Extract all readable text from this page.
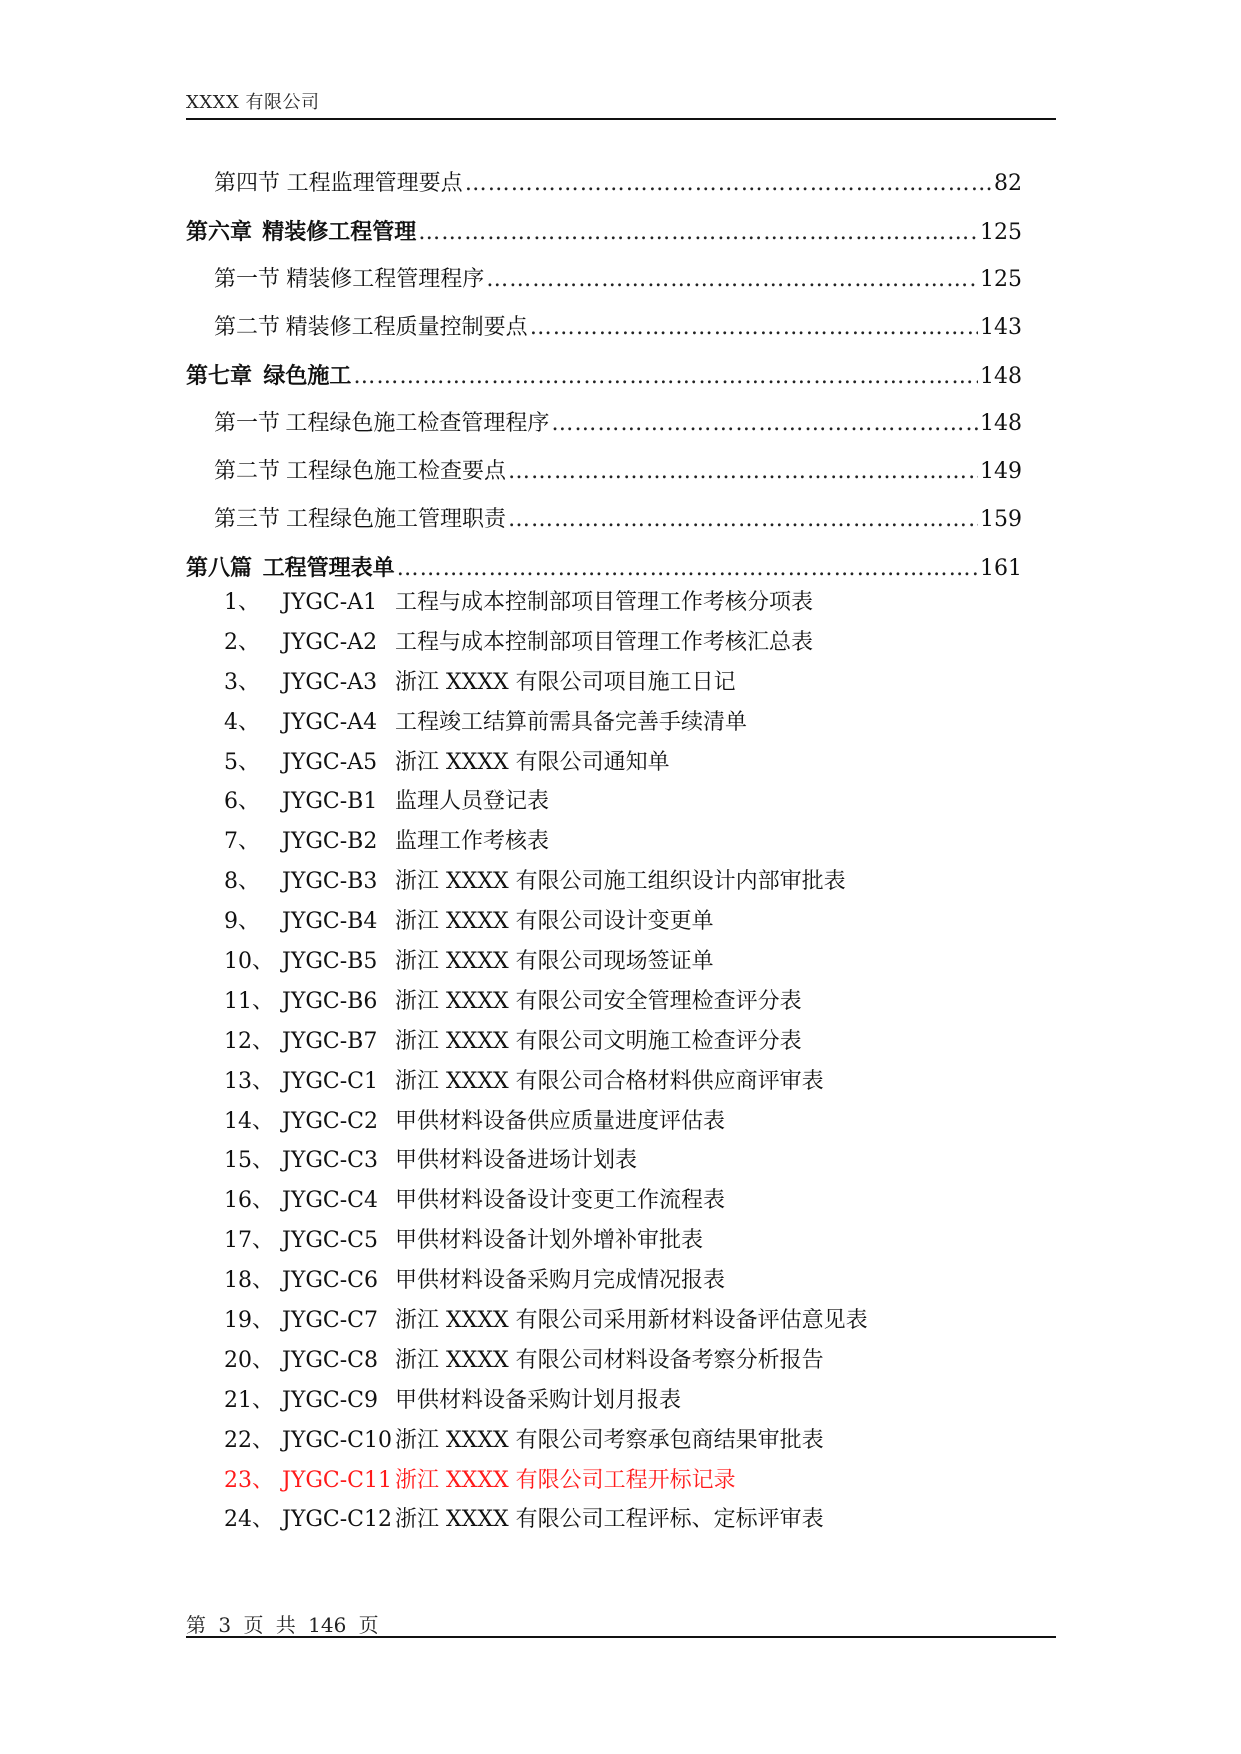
XXXX 有限公司
第四节 工程监理管理要点 ……………………………………………………………………………………………………………………………………………………………………	82
第六章 精装修工程管理 ……………………………………………………………………………………………………………………………………………………………………	125
第一节 精装修工程管理程序 ……………………………………………………………………………………………………………………………………………………………………	125
第二节 精装修工程质量控制要点 ……………………………………………………………………………………………………………………………………………………………………	143
第七章 绿色施工 ……………………………………………………………………………………………………………………………………………………………………	148
第一节 工程绿色施工检查管理程序 ……………………………………………………………………………………………………………………………………………………………………	148
第二节 工程绿色施工检查要点 ……………………………………………………………………………………………………………………………………………………………………	149
第三节 工程绿色施工管理职责 ……………………………………………………………………………………………………………………………………………………………………	159
第八篇 工程管理表单 ……………………………………………………………………………………………………………………………………………………………………	161
1、 JYGC-A1 工程与成本控制部项目管理工作考核分项表
2、 JYGC-A2 工程与成本控制部项目管理工作考核汇总表
3、 JYGC-A3 浙江 XXXX 有限公司项目施工日记
4、 JYGC-A4 工程竣工结算前需具备完善手续清单
5、 JYGC-A5 浙江 XXXX 有限公司通知单
6、 JYGC-B1 监理人员登记表
7、 JYGC-B2 监理工作考核表
8、 JYGC-B3 浙江 XXXX 有限公司施工组织设计内部审批表
9、 JYGC-B4 浙江 XXXX 有限公司设计变更单
10、 JYGC-B5 浙江 XXXX 有限公司现场签证单
11、 JYGC-B6 浙江 XXXX 有限公司安全管理检查评分表
12、 JYGC-B7 浙江 XXXX 有限公司文明施工检查评分表
13、 JYGC-C1 浙江 XXXX 有限公司合格材料供应商评审表
14、 JYGC-C2 甲供材料设备供应质量进度评估表
15、 JYGC-C3 甲供材料设备进场计划表
16、 JYGC-C4 甲供材料设备设计变更工作流程表
17、 JYGC-C5 甲供材料设备计划外增补审批表
18、 JYGC-C6 甲供材料设备采购月完成情况报表
19、 JYGC-C7 浙江 XXXX 有限公司采用新材料设备评估意见表
20、 JYGC-C8 浙江 XXXX 有限公司材料设备考察分析报告
21、 JYGC-C9 甲供材料设备采购计划月报表
22、 JYGC-C10 浙江 XXXX 有限公司考察承包商结果审批表
23、 JYGC-C11 浙江 XXXX 有限公司工程开标记录
24、 JYGC-C12 浙江 XXXX 有限公司工程评标、定标评审表
第 3 页 共 146 页
